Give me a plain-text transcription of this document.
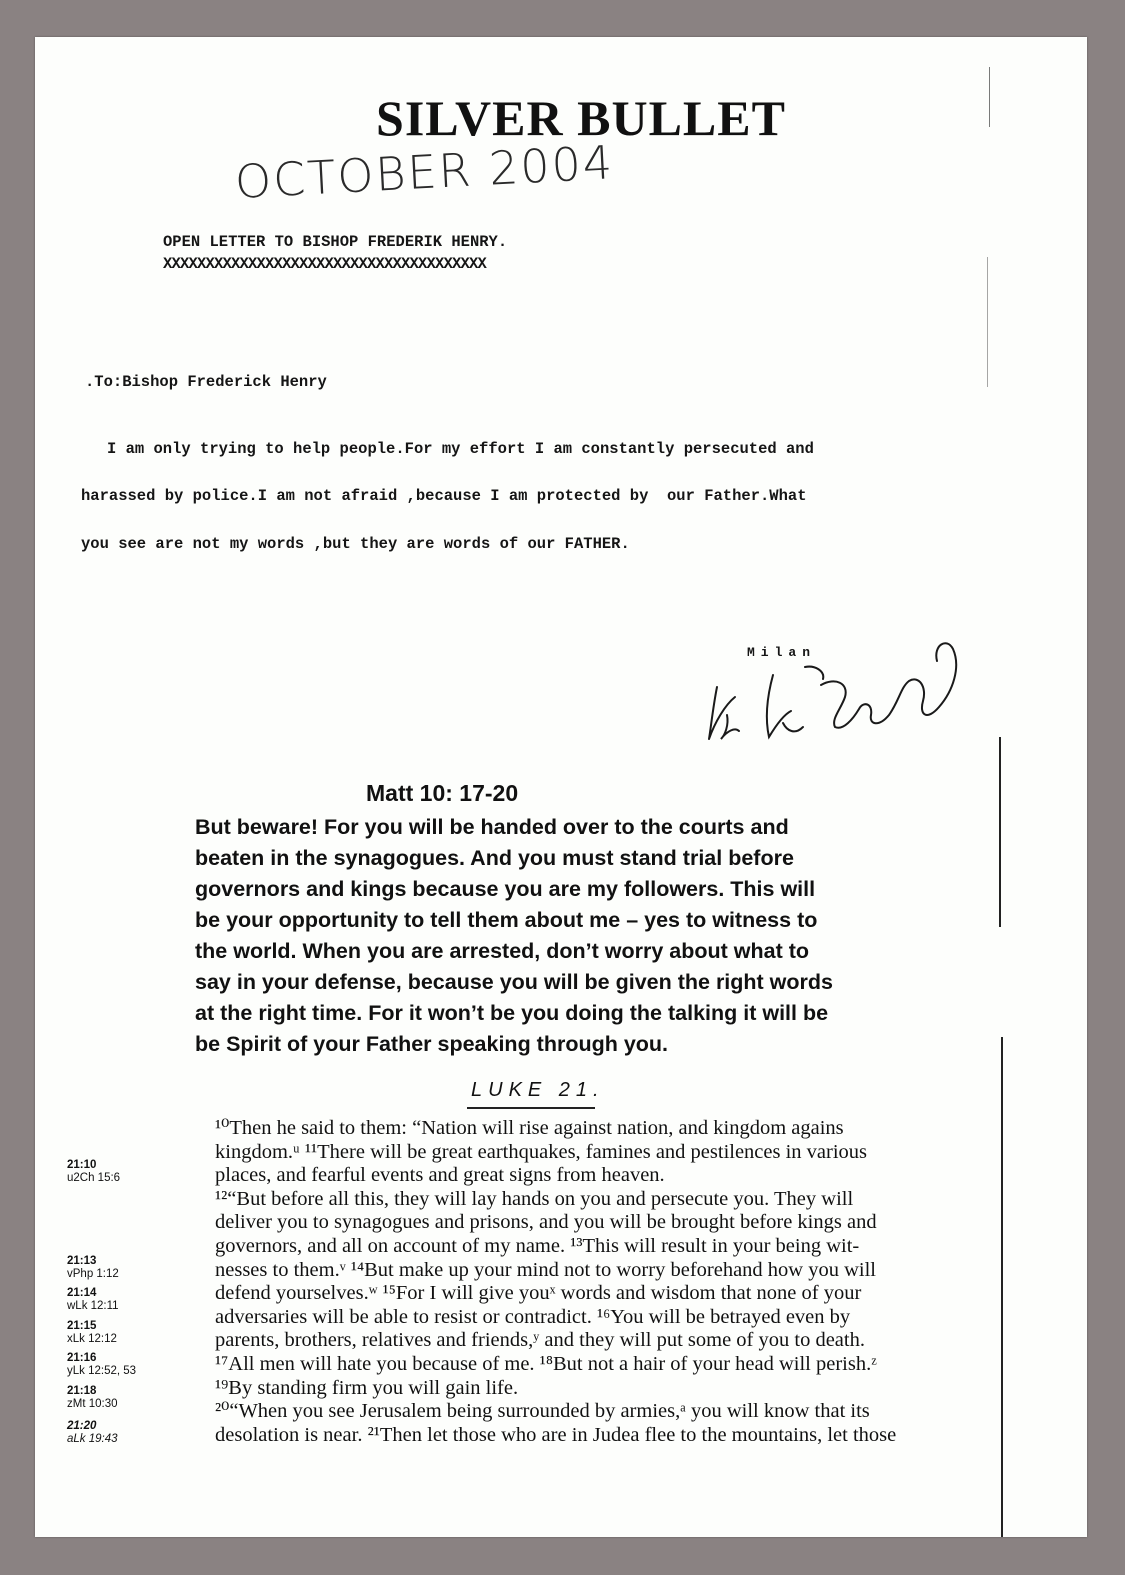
SILVER BULLET
OCTOBER 2004
OPEN LETTER TO BISHOP FREDERIK HENRY.
XXXXXXXXXXXXXXXXXXXXXXXXXXXXXXXXXXXXXX
.To:Bishop Frederick Henry
I am only trying to help people.For my effort I am constantly persecuted and
harassed by police.I am not afraid ,because I am protected by  our Father.What
you see are not my words ,but they are words of our FATHER.
Milan
Matt 10: 17-20
But beware! For you will be handed over to the courts and
beaten in the synagogues. And you must stand trial before
governors and kings because you are my followers. This will
be your opportunity to tell them about me – yes to witness to
the world. When you are arrested, don’t worry about what to
say in your defense, because you will be given the right words
at the right time. For it won’t be you doing the talking it will be
be Spirit of your Father speaking through you.
LUKE 21.
¹⁰Then he said to them: “Nation will rise against nation, and kingdom agains
kingdom.ᵘ ¹¹There will be great earthquakes, famines and pestilences in various
places, and fearful events and great signs from heaven.
¹²“But before all this, they will lay hands on you and persecute you. They will
deliver you to synagogues and prisons, and you will be brought before kings and
governors, and all on account of my name. ¹³This will result in your being wit-
nesses to them.ᵛ ¹⁴But make up your mind not to worry beforehand how you will
defend yourselves.ʷ ¹⁵For I will give youˣ words and wisdom that none of your
adversaries will be able to resist or contradict. ¹⁶You will be betrayed even by
parents, brothers, relatives and friends,ʸ and they will put some of you to death.
¹⁷All men will hate you because of me. ¹⁸But not a hair of your head will perish.ᶻ
¹⁹By standing firm you will gain life.
²⁰“When you see Jerusalem being surrounded by armies,ᵃ you will know that its
desolation is near. ²¹Then let those who are in Judea flee to the mountains, let those
21:10
u2Ch 15:6
21:13
vPhp 1:12
21:14
wLk 12:11
21:15
xLk 12:12
21:16
yLk 12:52, 53
21:18
zMt 10:30
21:20
aLk 19:43
